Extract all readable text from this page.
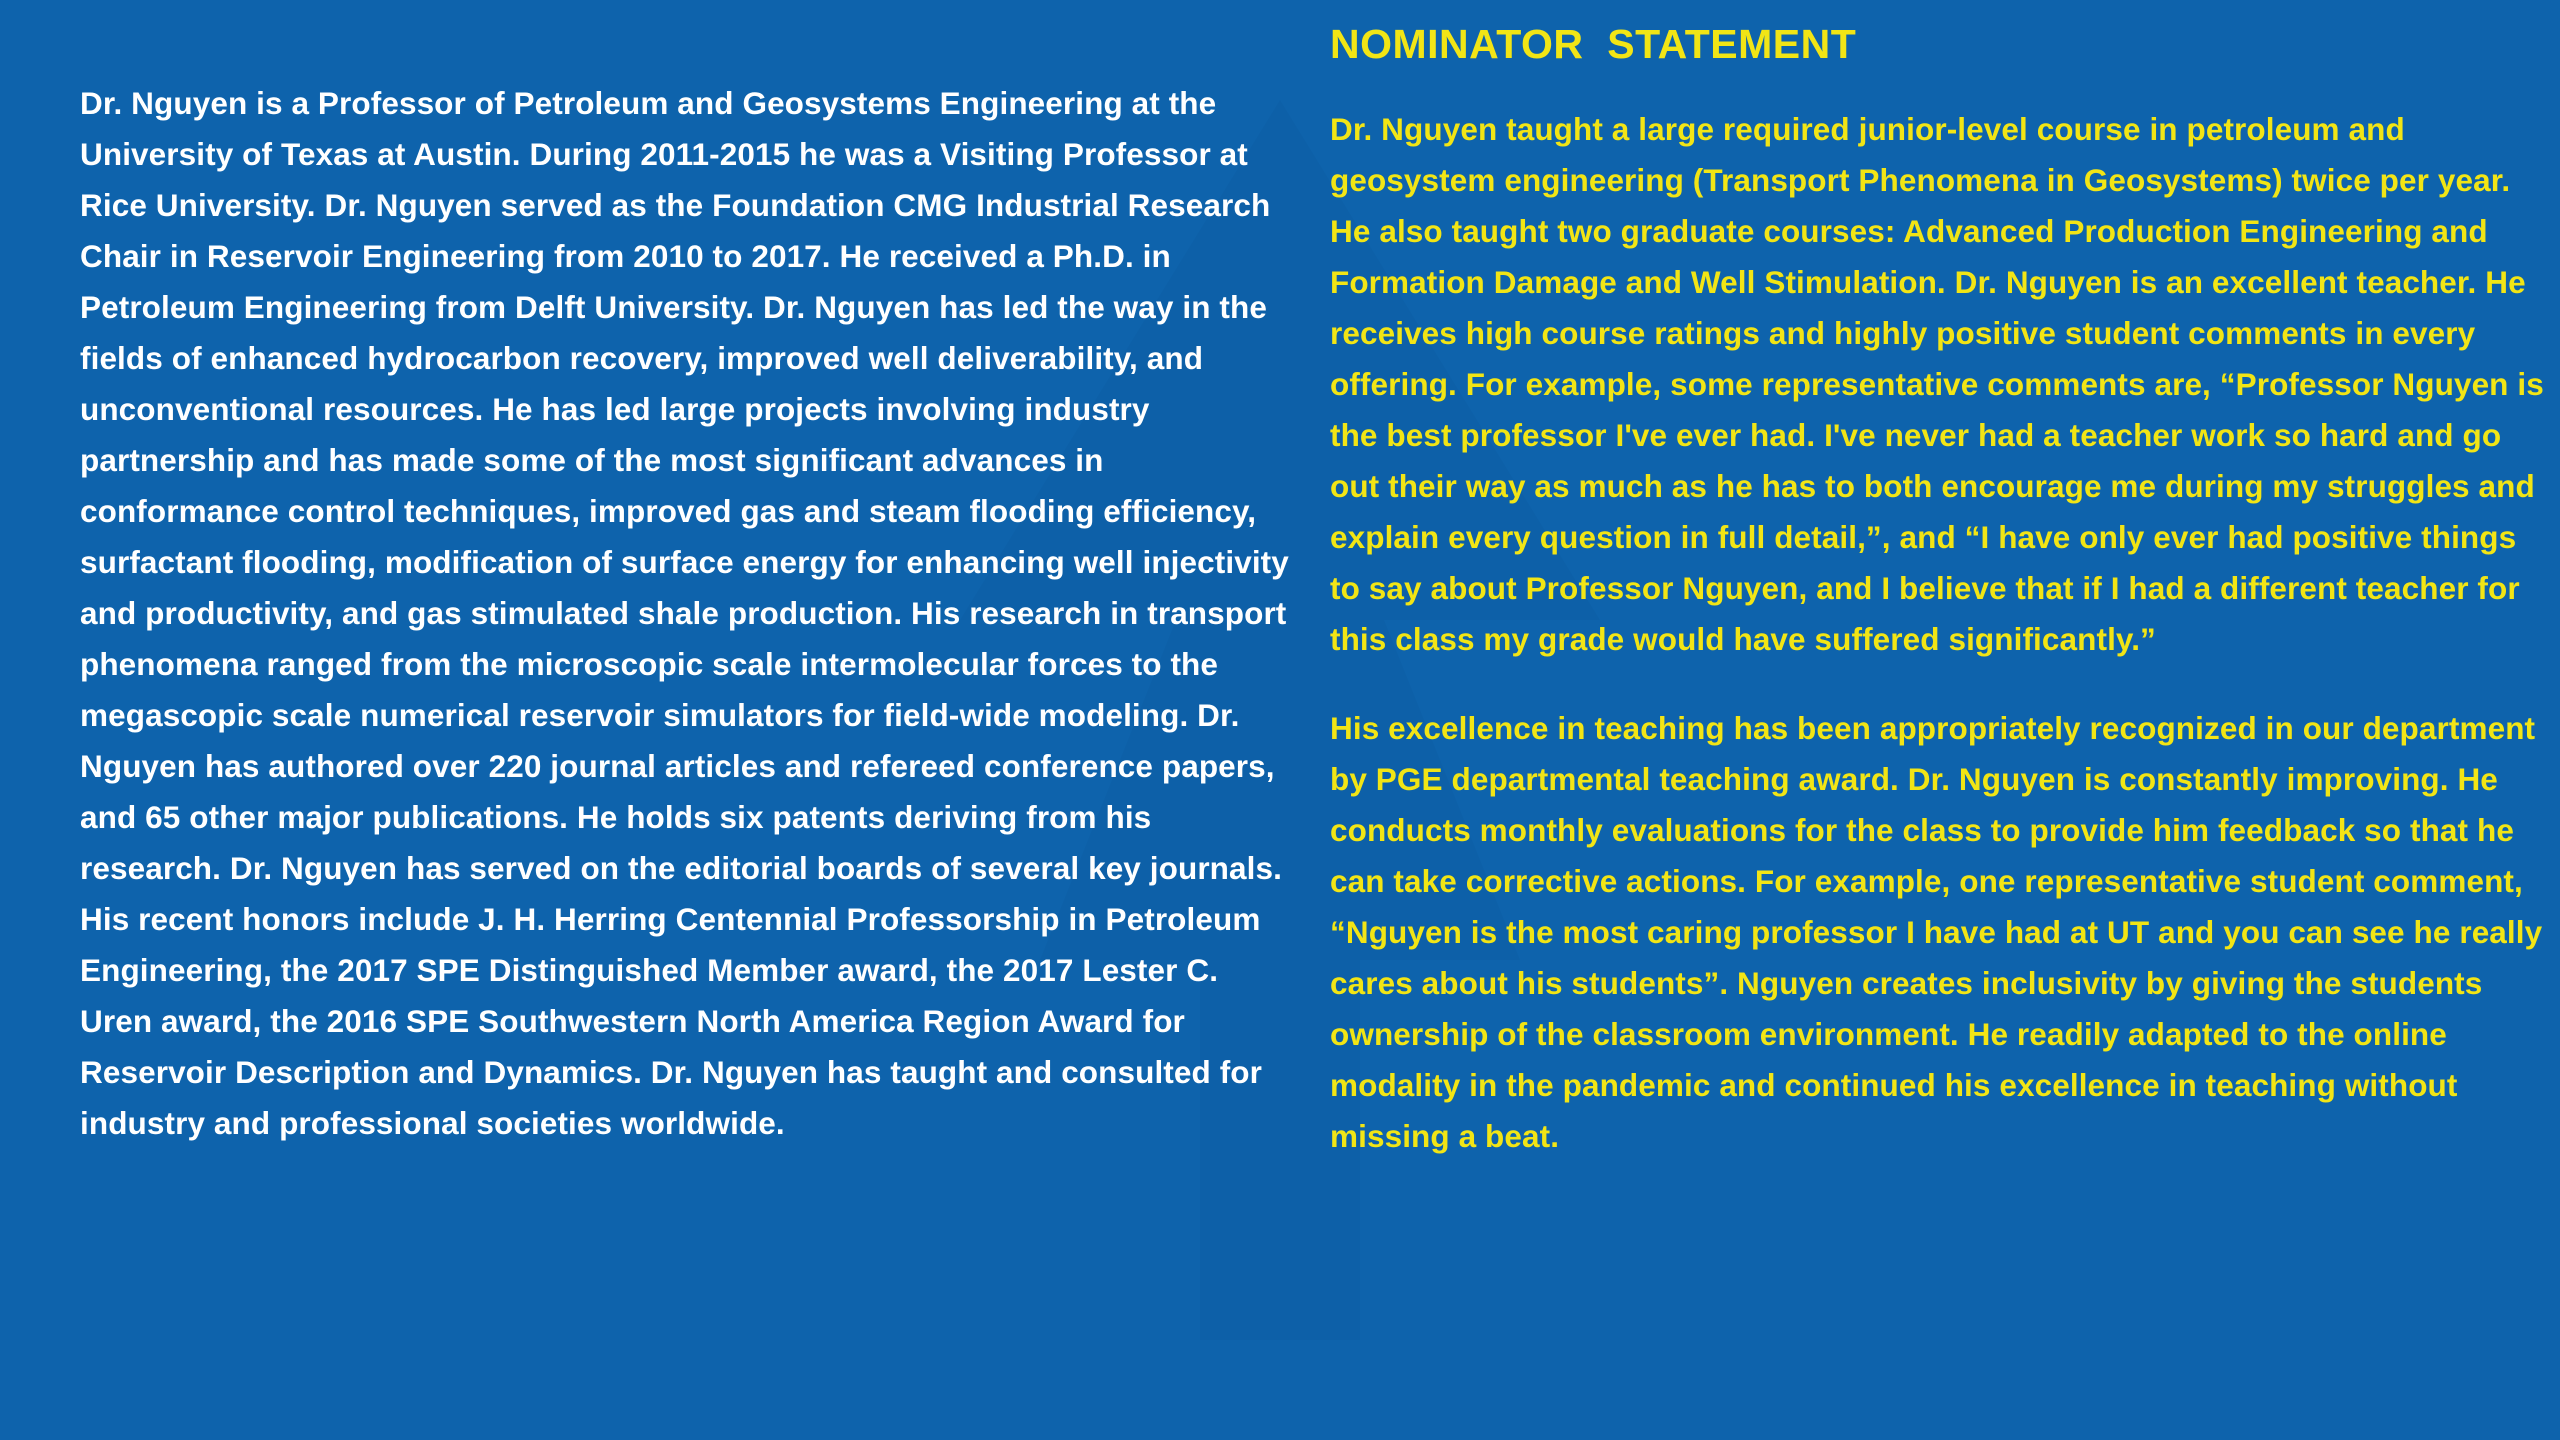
Dr. Nguyen is a Professor of Petroleum and Geosystems Engineering at the University of Texas at Austin. During 2011-2015 he was a Visiting Professor at Rice University. Dr. Nguyen served as the Foundation CMG Industrial Research Chair in Reservoir Engineering from 2010 to 2017. He received a Ph.D. in Petroleum Engineering from Delft University. Dr. Nguyen has led the way in the fields of enhanced hydrocarbon recovery, improved well deliverability, and unconventional resources. He has led large projects involving industry partnership and has made some of the most significant advances in conformance control techniques, improved gas and steam flooding efficiency, surfactant flooding, modification of surface energy for enhancing well injectivity and productivity, and gas stimulated shale production. His research in transport phenomena ranged from the microscopic scale intermolecular forces to the megascopic scale numerical reservoir simulators for field-wide modeling. Dr. Nguyen has authored over 220 journal articles and refereed conference papers, and 65 other major publications. He holds six patents deriving from his research. Dr. Nguyen has served on the editorial boards of several key journals. His recent honors include J. H. Herring Centennial Professorship in Petroleum Engineering, the 2017 SPE Distinguished Member award, the 2017 Lester C. Uren award, the 2016 SPE Southwestern North America Region Award for Reservoir Description and Dynamics. Dr. Nguyen has taught and consulted for industry and professional societies worldwide.

NOMINATOR  STATEMENT

Dr. Nguyen taught a large required junior-level course in petroleum and geosystem engineering (Transport Phenomena in Geosystems) twice per year. He also taught two graduate courses: Advanced Production Engineering and Formation Damage and Well Stimulation. Dr. Nguyen is an excellent teacher. He receives high course ratings and highly positive student comments in every offering. For example, some representative comments are, “Professor Nguyen is the best professor I've ever had. I've never had a teacher work so hard and go out their way as much as he has to both encourage me during my struggles and explain every question in full detail,”, and “I have only ever had positive things to say about Professor Nguyen, and I believe that if I had a different teacher for this class my grade would have suffered significantly.”

His excellence in teaching has been appropriately recognized in our department by PGE departmental teaching award. Dr. Nguyen is constantly improving. He conducts monthly evaluations for the class to provide him feedback so that he can take corrective actions. For example, one representative student comment, “Nguyen is the most caring professor I have had at UT and you can see he really cares about his students”. Nguyen creates inclusivity by giving the students ownership of the classroom environment. He readily adapted to the online modality in the pandemic and continued his excellence in teaching without missing a beat.
